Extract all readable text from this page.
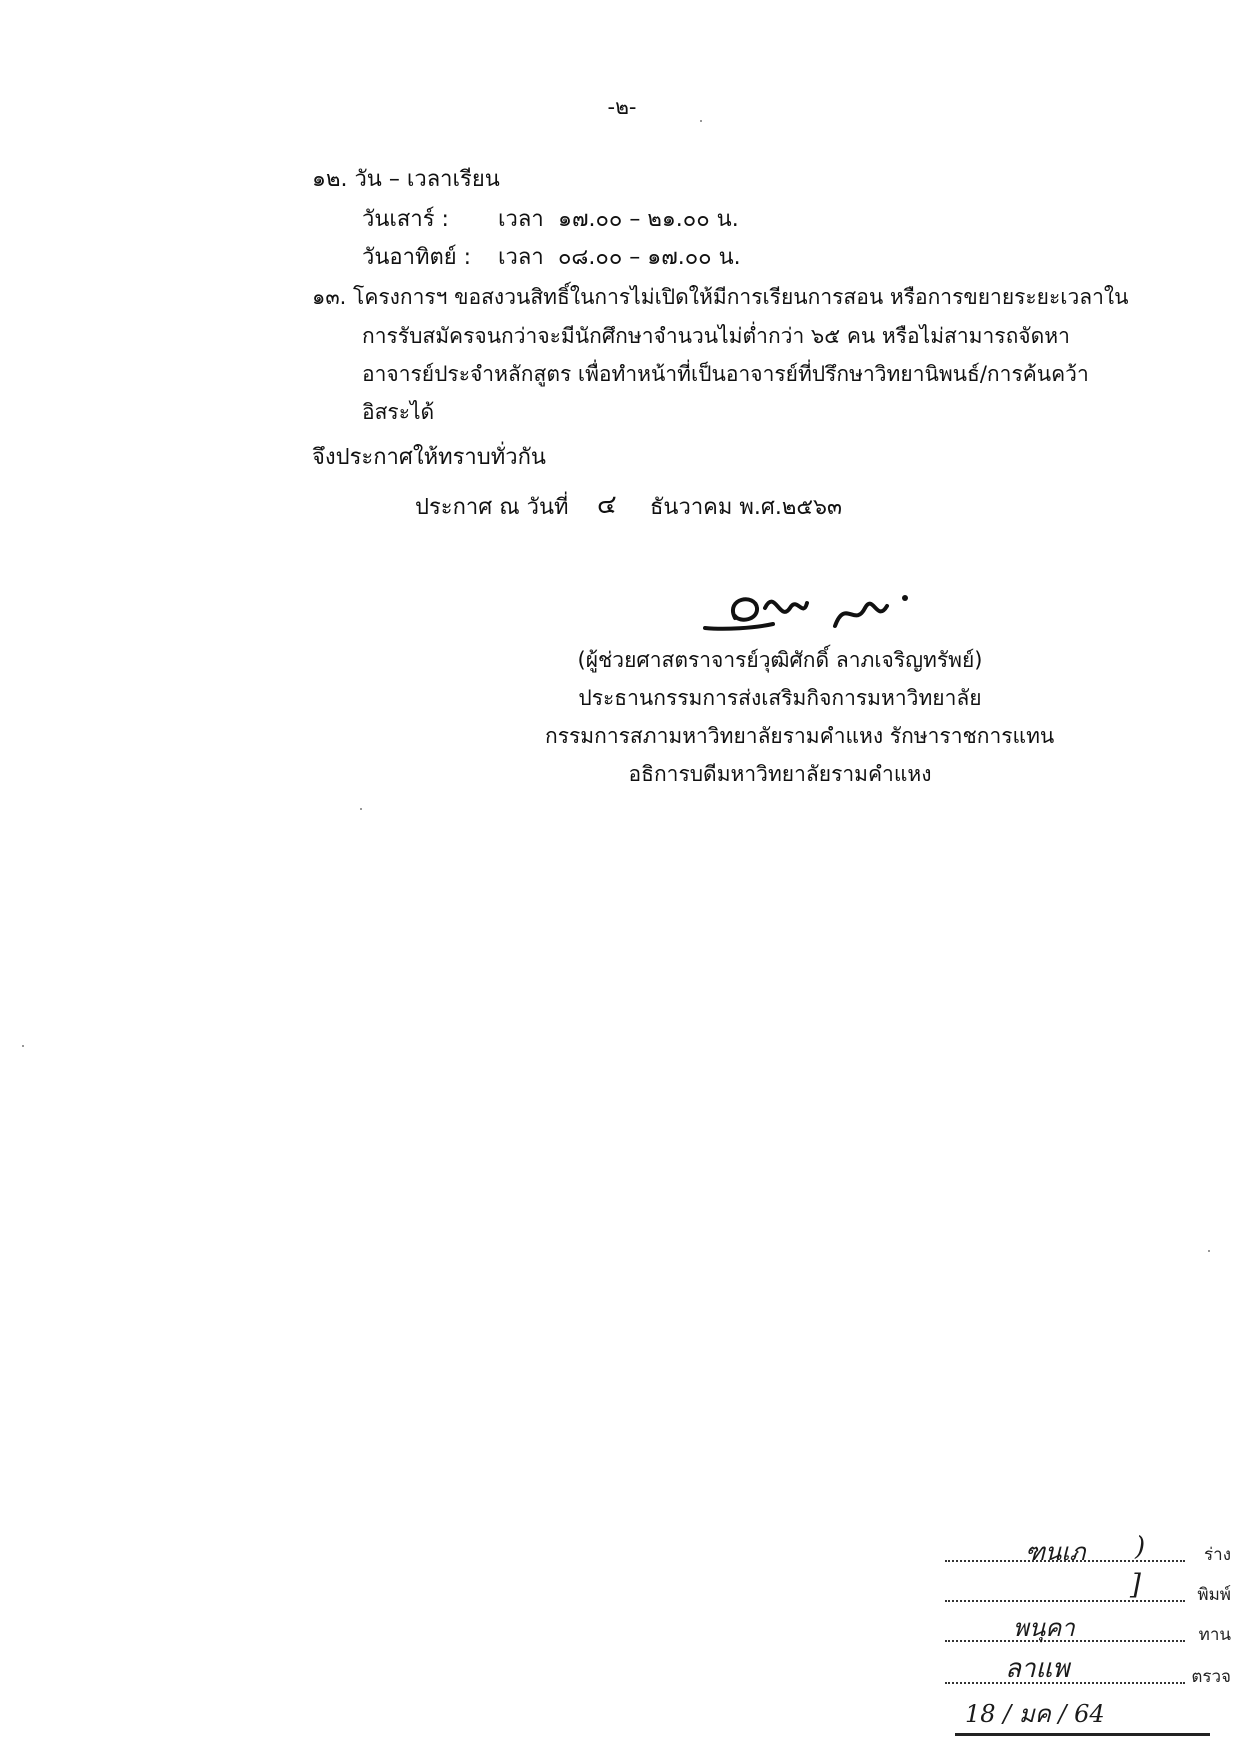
-๒-
๑๒. วัน – เวลาเรียน
วันเสาร์ : เวลา ๑๗.๐๐ – ๒๑.๐๐ น.
วันอาทิตย์ : เวลา ๐๘.๐๐ – ๑๗.๐๐ น.
๑๓. โครงการฯ ขอสงวนสิทธิ์ในการไม่เปิดให้มีการเรียนการสอน หรือการขยายระยะเวลาใน
การรับสมัครจนกว่าจะมีนักศึกษาจำนวนไม่ต่ำกว่า ๖๕ คน หรือไม่สามารถจัดหา
อาจารย์ประจำหลักสูตร เพื่อทำหน้าที่เป็นอาจารย์ที่ปรึกษาวิทยานิพนธ์/การค้นคว้า
อิสระได้
จึงประกาศให้ทราบทั่วกัน
ประกาศ ณ วันที่ ๔ ธันวาคม พ.ศ.๒๕๖๓
(ผู้ช่วยศาสตราจารย์วุฒิศักดิ์ ลาภเจริญทรัพย์)
ประธานกรรมการส่งเสริมกิจการมหาวิทยาลัย
กรรมการสภามหาวิทยาลัยรามคำแหง รักษาราชการแทน
อธิการบดีมหาวิทยาลัยรามคำแหง
ฑนเภ )	ร่าง
]	พิมพ์
พนุคา	ทาน
ลาแพ	ตรวจ
18 / มค / 64
